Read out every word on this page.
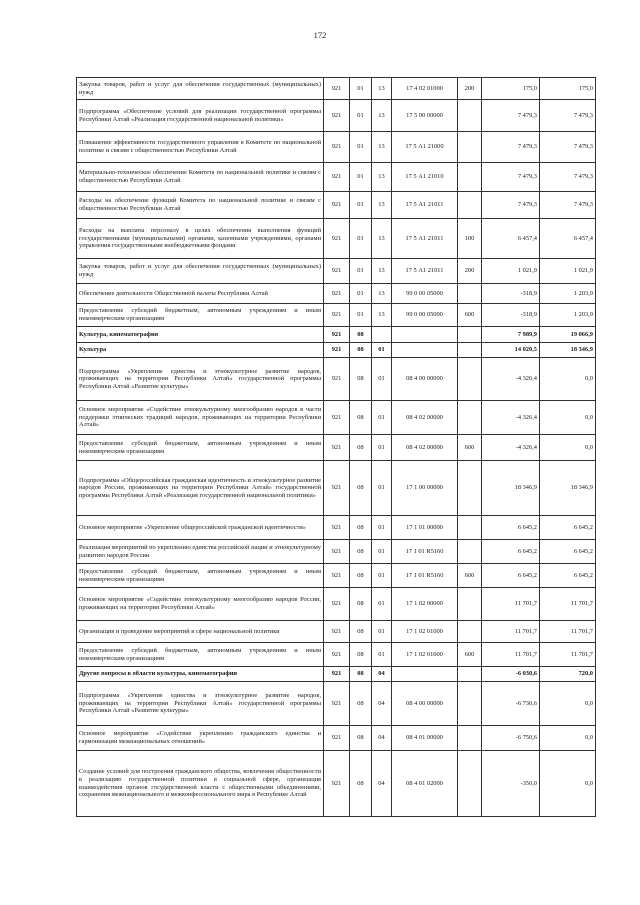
172
Закупка товаров, работ и услуг для обеспечения государственных (муниципальных) нужд	921	01	13	17 4 02 01000	200	175,0	175,0
Подпрограмма «Обеспечение условий для реализации государственной программы Республики Алтай «Реализация государственной национальной политики»	921	01	13	17 5 00 00000		7 479,3	7 479,3
Повышение эффективности государственного управления в Комитете по национальной политике и связям с общественностью Республики Алтай	921	01	13	17 5 А1 21000		7 479,3	7 479,3
Материально-техническое обеспечение Комитета по национальной политике и связям с общественностью Республики Алтай	921	01	13	17 5 А1 21010		7 479,3	7 479,3
Расходы на обеспечение функций Комитета по национальной политике и связям с общественностью Республики Алтай	921	01	13	17 5 А1 21011		7 479,3	7 479,3
Расходы на выплаты персоналу в целях обеспечения выполнения функций государственными (муниципальными) органами, казенными учреждениями, органами управления государственными внебюджетными фондами	921	01	13	17 5 А1 21011	100	6 457,4	6 457,4
Закупка товаров, работ и услуг для обеспечения государственных (муниципальных) нужд	921	01	13	17 5 А1 21011	200	1 021,9	1 021,9
Обеспечение деятельности Общественной палаты Республики Алтай	921	01	13	99 0 00 05000		-318,9	1 203,9
Предоставление субсидий бюджетным, автономным учреждениям и иным некоммерческим организациям	921	01	13	99 0 00 05000	600	-318,9	1 203,9
Культура, кинематография	921	08				7 989,9	19 066,9
Культура	921	08	01			14 020,5	18 346,9
Подпрограмма «Укрепление единства и этнокультурное развитие народов, проживающих на территории Республики Алтай» государственной программы Республики Алтай «Развитие культуры»	921	08	01	08 4 00 00000		-4 326,4	0,0
Основное мероприятие «Содействие этнокультурному многообразию народов в части поддержки этнических традиций народов, проживающих на территории Республики Алтай»	921	08	01	08 4 02 00000		-4 326,4	0,0
Предоставление субсидий бюджетным, автономным учреждениям и иным некоммерческим организациям	921	08	01	08 4 02 00000	600	-4 326,4	0,0
Подпрограмма «Общероссийская гражданская идентичность и этнокультурное развитие народов России, проживающих на территории Республики Алтай» государственной программы Республики Алтай «Реализация государственной национальной политики»	921	08	01	17 1 00 00000		18 346,9	18 346,9
Основное мероприятие «Укрепление общероссийской гражданской идентичности»	921	08	01	17 1 01 00000		6 645,2	6 645,2
Реализация мероприятий по укреплению единства российской нации и этнокультурному развитию народов России	921	08	01	17 1 01 R5160		6 645,2	6 645,2
Предоставление субсидий бюджетным, автономным учреждениям и иным некоммерческим организациям	921	08	01	17 1 01 R5160	600	6 645,2	6 645,2
Основное мероприятие «Содействие этнокультурному многообразию народов России, проживающих на территории Республики Алтай»	921	08	01	17 1 02 00000		11 701,7	11 701,7
Организация и проведение мероприятий в сфере национальной политики	921	08	01	17 1 02 01000		11 701,7	11 701,7
Предоставление субсидий бюджетным, автономным учреждениям и иным некоммерческим организациям	921	08	01	17 1 02 01000	600	11 701,7	11 701,7
Другие вопросы в области культуры, кинематографии	921	08	04			-6 030,6	720,0
Подпрограмма «Укрепление единства и этнокультурное развитие народов, проживающих на территории Республики Алтай» государственной программы Республики Алтай «Развитие культуры»	921	08	04	08 4 00 00000		-6 730,6	0,0
Основное мероприятие «Содействие укреплению гражданского единства и гармонизации межнациональных отношений»	921	08	04	08 4 01 00000		-6 750,6	0,0
Создание условий для построения гражданского общества, вовлечения общественности в реализацию государственной политики в социальной сфере, организация взаимодействия органов государственной власти с общественными объединениями, сохранения межнационального и межконфессионального мира в Республике Алтай	921	08	04	08 4 01 02000		-350,0	0,0
